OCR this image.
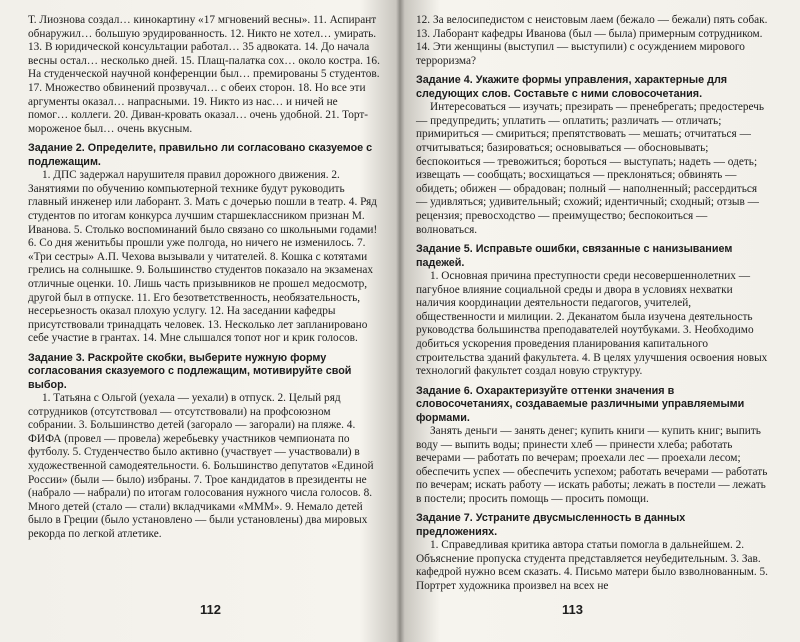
Т. Лиознова создал… кинокартину «17 мгновений весны». 11. Аспирант обнаружил… большую эрудированность. 12. Никто не хотел… умирать. 13. В юридической консультации работал… 35 адвоката. 14. До начала весны остал… несколько дней. 15. Плащ-палатка сох… около костра. 16. На студенческой научной конференции был… премированы 5 студентов. 17. Множество обвинений прозвучал… с обеих сторон. 18. Но все эти аргументы оказал… напрасными. 19. Никто из нас… и ничей не помог… коллеги. 20. Диван-кровать оказал… очень удобной. 21. Торт-мороженое был… очень вкусным.

Задание 2. Определите, правильно ли согласовано сказуемое с подлежащим.

1. ДПС задержал нарушителя правил дорожного движения. 2. Занятиями по обучению компьютерной технике будут руководить главный инженер или лаборант. 3. Мать с дочерью пошли в театр. 4. Ряд студентов по итогам конкурса лучшим старшеклассником признан М. Иванова. 5. Столько воспоминаний было связано со школьными годами! 6. Со дня женитьбы прошли уже полгода, но ничего не изменилось. 7. «Три сестры» А.П. Чехова вызывали у читателей. 8. Кошка с котятами грелись на солнышке. 9. Большинство студентов показало на экзаменах отличные оценки. 10. Лишь часть призывников не прошел медосмотр, другой был в отпуске. 11. Его безответственность, необязательность, несерьезность оказал плохую услугу. 12. На заседании кафедры присутствовали тринадцать человек. 13. Несколько лет запланировано себе участие в грантах. 14. Мне слышался топот ног и крик голосов.

Задание 3. Раскройте скобки, выберите нужную форму согласования сказуемого с подлежащим, мотивируйте свой выбор.

1. Татьяна с Ольгой (уехала — уехали) в отпуск. 2. Целый ряд сотрудников (отсутствовал — отсутствовали) на профсоюзном собрании. 3. Большинство детей (загорало — загорали) на пляже. 4. ФИФА (провел — провела) жеребьевку участников чемпионата по футболу. 5. Студенчество было активно (участвует — участвовали) в художественной самодеятельности. 6. Большинство депутатов «Единой России» (были — было) избраны. 7. Трое кандидатов в президенты не (набрало — набрали) по итогам голосования нужного числа голосов. 8. Много детей (стало — стали) вкладчиками «МММ». 9. Немало детей было в Греции (было установлено — были установлены) два мировых рекорда по легкой атлетике.

112

12. За велосипедистом с неистовым лаем (бежало — бежали) пять собак. 13. Лаборант кафедры Иванова (был — была) примерным сотрудником. 14. Эти женщины (выступил — выступили) с осуждением мирового терроризма?

Задание 4. Укажите формы управления, характерные для следующих слов. Составьте с ними словосочетания.

Интересоваться — изучать; презирать — пренебрегать; предостеречь — предупредить; уплатить — оплатить; различать — отличать; примириться — смириться; препятствовать — мешать; отчитаться — отчитываться; базироваться; основываться — обосновывать; беспокоиться — тревожиться; бороться — выступать; надеть — одеть; извещать — сообщать; восхищаться — преклоняться; обвинять — обидеть; обижен — обрадован; полный — наполненный; рассердиться — удивляться; удивительный; схожий; идентичный; сходный; отзыв — рецензия; превосходство — преимущество; беспокоиться — волноваться.

Задание 5. Исправьте ошибки, связанные с нанизыванием падежей.

1. Основная причина преступности среди несовершеннолетних — пагубное влияние социальной среды и двора в условиях нехватки наличия координации деятельности педагогов, учителей, общественности и милиции. 2. Деканатом была изучена деятельность руководства большинства преподавателей ноутбуками. 3. Необходимо добиться ускорения проведения планирования капитального строительства зданий факультета. 4. В целях улучшения освоения новых технологий факультет создал новую структуру.

Задание 6. Охарактеризуйте оттенки значения в словосочетаниях, создаваемые различными управляемыми формами.

Занять деньги — занять денег; купить книги — купить книг; выпить воду — выпить воды; принести хлеб — принести хлеба; работать вечерами — работать по вечерам; проехали лес — проехали лесом; обеспечить успех — обеспечить успехом; работать вечерами — работать по вечерам; искать работу — искать работы; лежать в постели — лежать в постели; просить помощь — просить помощи.

Задание 7. Устраните двусмысленность в данных предложениях.

1. Справедливая критика автора статьи помогла в дальнейшем. 2. Объяснение пропуска студента представляется неубедительным. 3. Зав. кафедрой нужно всем сказать. 4. Письмо матери было взволнованным. 5. Портрет художника произвел на всех не

113
